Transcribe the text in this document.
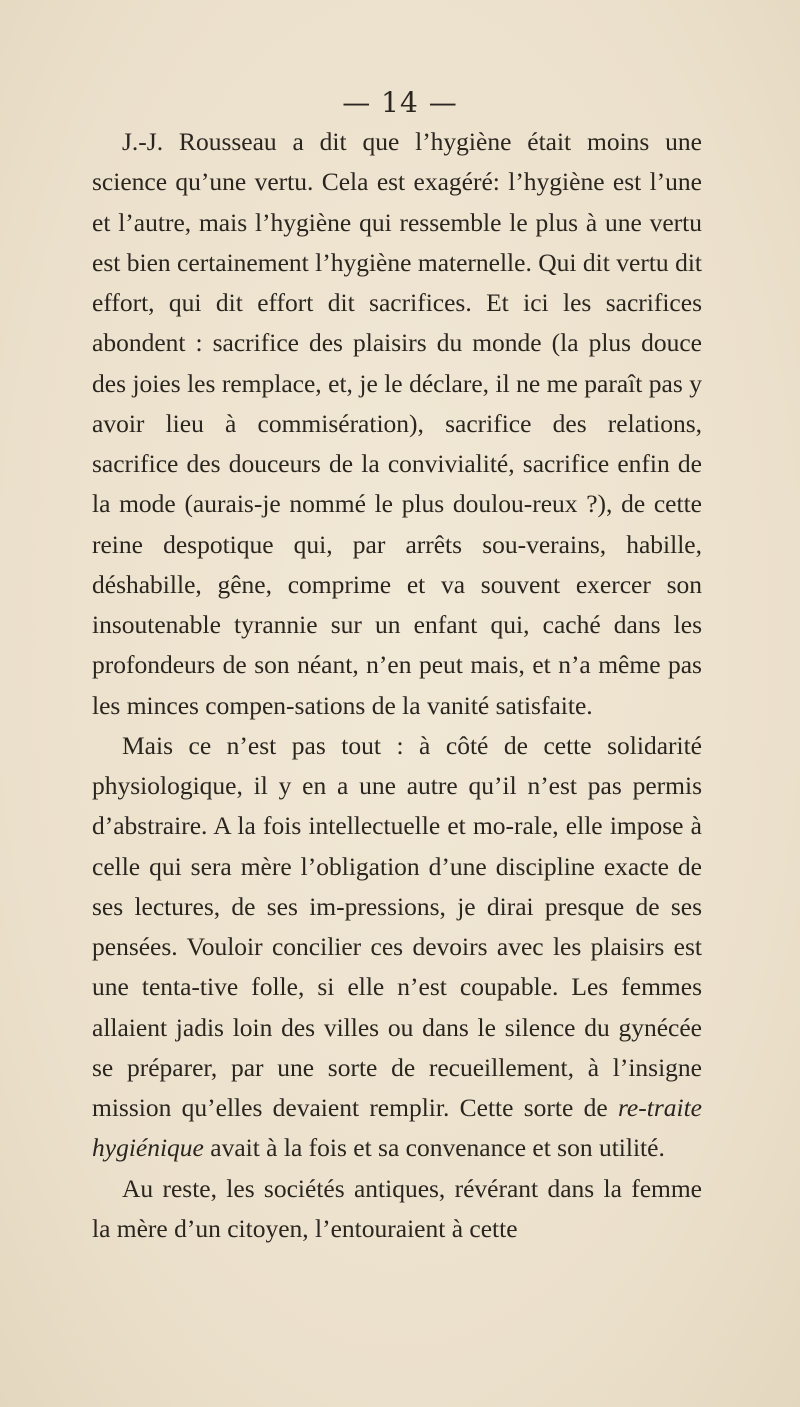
— 14 —

J.-J. Rousseau a dit que l’hygiène était moins une science qu’une vertu. Cela est exagéré: l’hygiène est l’une et l’autre, mais l’hygiène qui ressemble le plus à une vertu est bien certainement l’hygiène maternelle. Qui dit vertu dit effort, qui dit effort dit sacrifices. Et ici les sacrifices abondent : sacrifice des plaisirs du monde (la plus douce des joies les remplace, et, je le déclare, il ne me paraît pas y avoir lieu à commisération), sacrifice des relations, sacrifice des douceurs de la convivialité, sacrifice enfin de la mode (aurais-je nommé le plus doulou-reux ?), de cette reine despotique qui, par arrêts sou-verains, habille, déshabille, gêne, comprime et va souvent exercer son insoutenable tyrannie sur un enfant qui, caché dans les profondeurs de son néant, n’en peut mais, et n’a même pas les minces compen-sations de la vanité satisfaite.

Mais ce n’est pas tout : à côté de cette solidarité physiologique, il y en a une autre qu’il n’est pas permis d’abstraire. A la fois intellectuelle et mo-rale, elle impose à celle qui sera mère l’obligation d’une discipline exacte de ses lectures, de ses im-pressions, je dirai presque de ses pensées. Vouloir concilier ces devoirs avec les plaisirs est une tenta-tive folle, si elle n’est coupable. Les femmes allaient jadis loin des villes ou dans le silence du gynécée se préparer, par une sorte de recueillement, à l’insigne mission qu’elles devaient remplir. Cette sorte de re-traite hygiénique avait à la fois et sa convenance et son utilité.

Au reste, les sociétés antiques, révérant dans la femme la mère d’un citoyen, l’entouraient à cette
